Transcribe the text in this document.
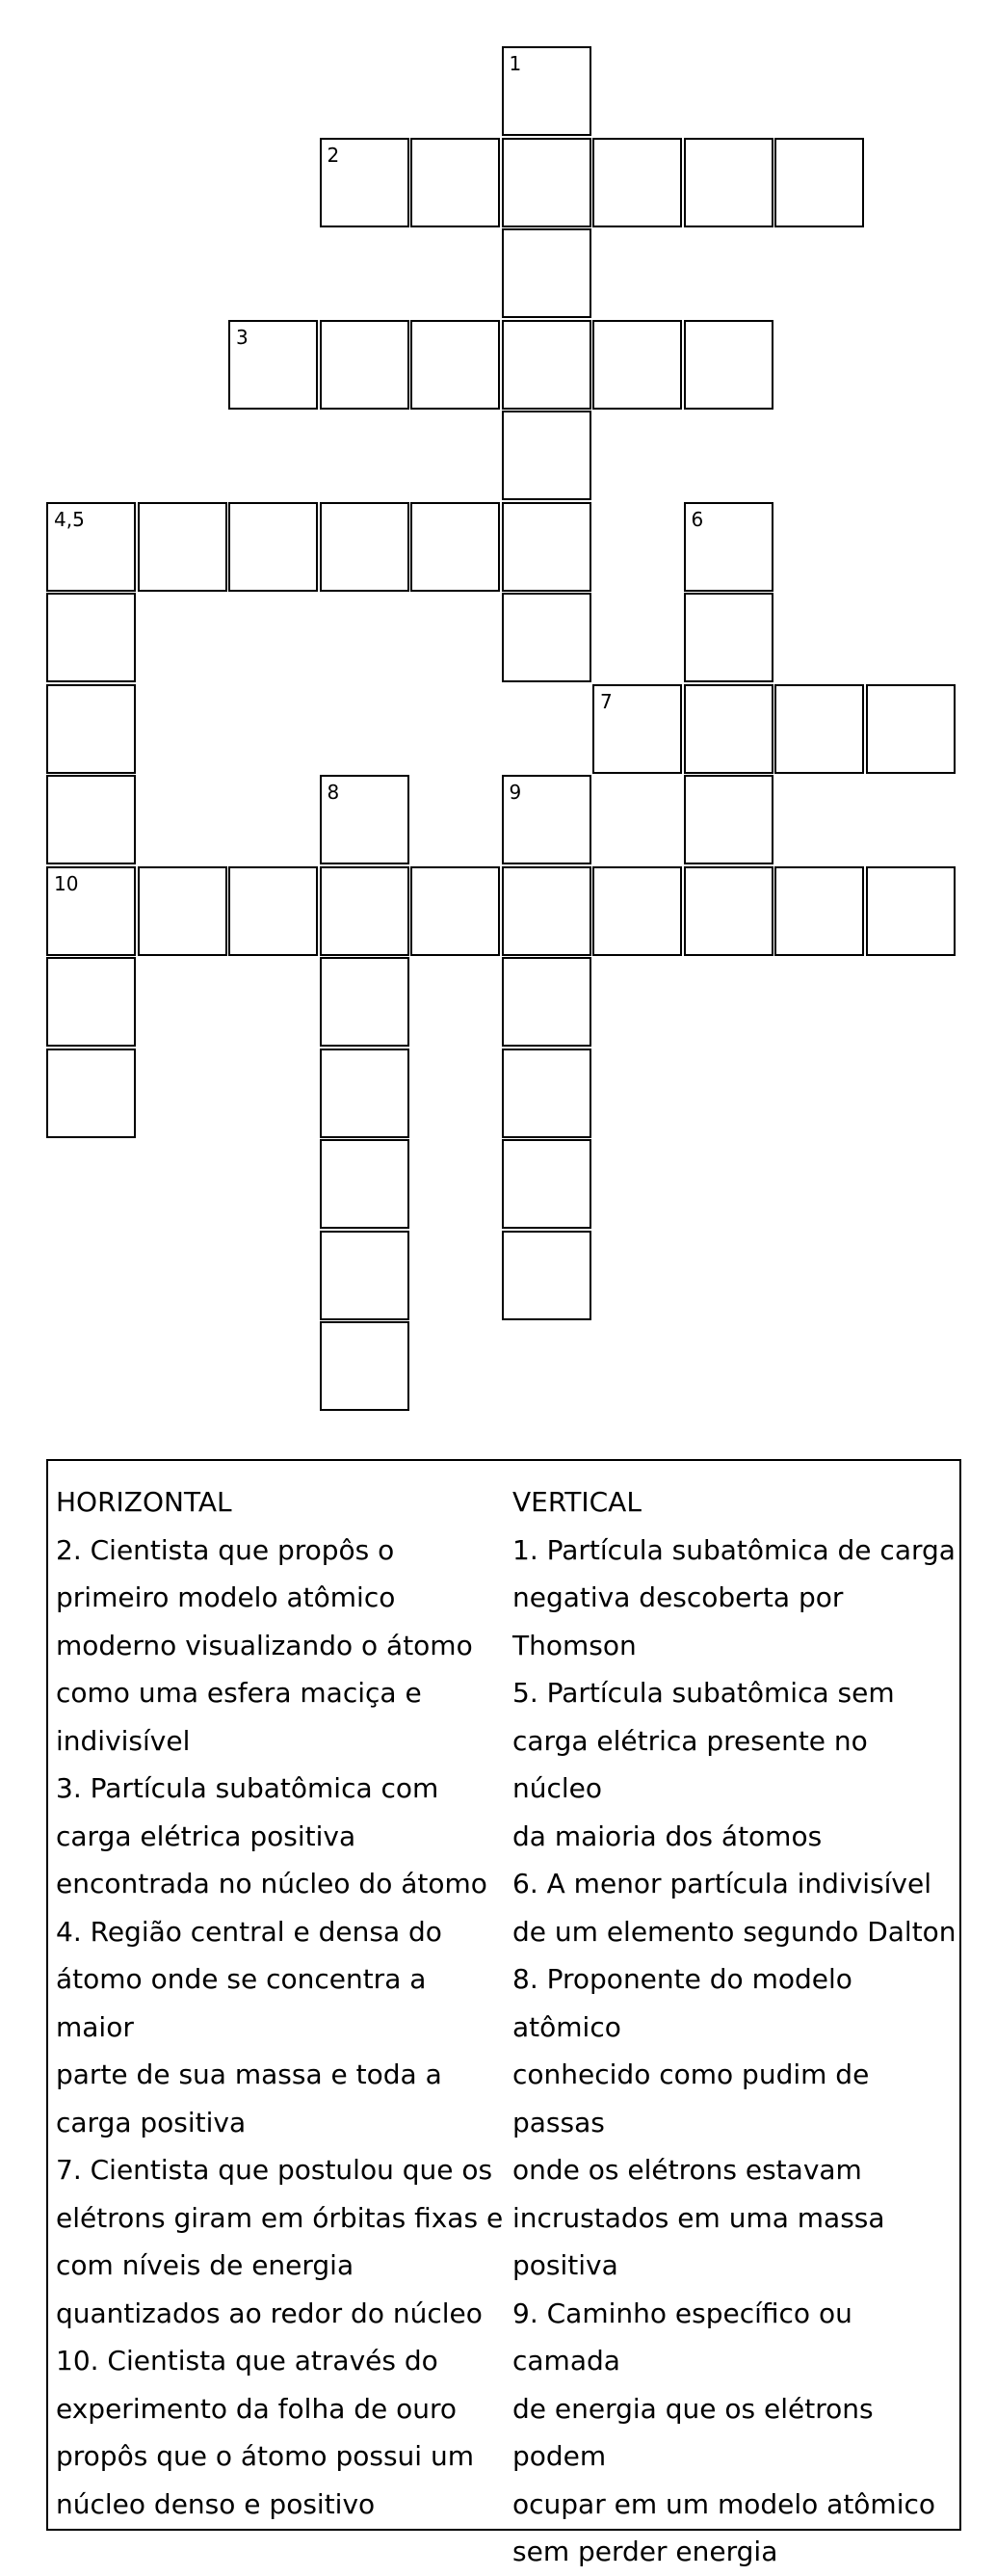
1
2
3
4,5
10
6
7
8	9
HORIZONTAL
2. Cientista que propôs o
primeiro modelo atômico
moderno visualizando o átomo
como uma esfera maciça e
indivisível
3. Partícula subatômica com
carga elétrica positiva
encontrada no núcleo do átomo
4. Região central e densa do
átomo onde se concentra a maior
parte de sua massa e toda a
carga positiva
7. Cientista que postulou que os
elétrons giram em órbitas fixas e
com níveis de energia
quantizados ao redor do núcleo
10. Cientista que através do
experimento da folha de ouro
propôs que o átomo possui um
núcleo denso e positivo
VERTICAL
1. Partícula subatômica de carga
negativa descoberta por
Thomson
5. Partícula subatômica sem
carga elétrica presente no núcleo
da maioria dos átomos
6. A menor partícula indivisível
de um elemento segundo Dalton
8. Proponente do modelo atômico
conhecido como pudim de passas
onde os elétrons estavam
incrustados em uma massa
positiva
9. Caminho específico ou camada
de energia que os elétrons podem
ocupar em um modelo atômico
sem perder energia
